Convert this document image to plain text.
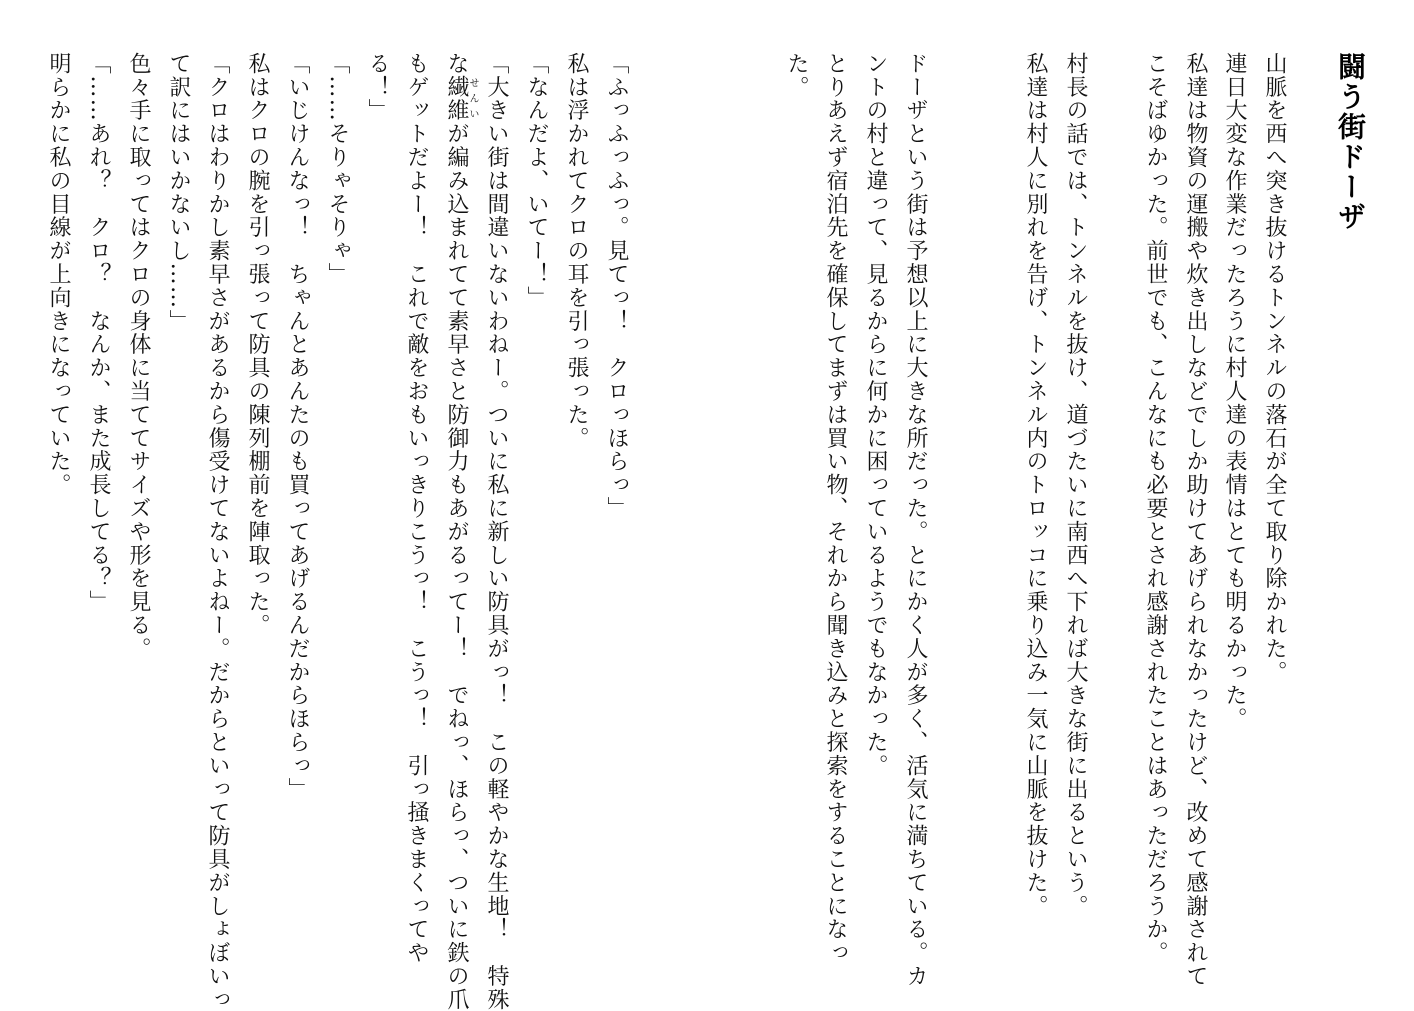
闘う街ドーザ
山脈を西へ突き抜けるトンネルの落石が全て取り除かれた。
連日大変な作業だったろうに村人達の表情はとても明るかった。
私達は物資の運搬や炊き出しなどでしか助けてあげられなかったけど、改めて感謝されて
こそばゆかった。前世でも、こんなにも必要とされ感謝されたことはあっただろうか。
村長の話では、トンネルを抜け、道づたいに南西へ下れば大きな街に出るという。
私達は村人に別れを告げ、トンネル内のトロッコに乗り込み一気に山脈を抜けた。
ドーザという街は予想以上に大きな所だった。とにかく人が多く、活気に満ちている。カ
ントの村と違って、見るからに何かに困っているようでもなかった。
とりあえず宿泊先を確保してまずは買い物、それから聞き込みと探索をすることになっ
た。
「ふっふっふっ。見てっ！　クロっほらっ」
私は浮かれてクロの耳を引っ張った。
「なんだよ、いてー！」
「大きい街は間違いないわねー。ついに私に新しい防具がっ！　この軽やかな生地！　特殊
な繊維せんいが編み込まれてて素早さと防御力もあがるってー！　でねっ、ほらっ、ついに鉄の爪
もゲットだよー！　これで敵をおもいっきりこうっ！　こうっ！　引っ掻きまくってや
る！」
「……そりゃそりゃ」
「いじけんなっ！　ちゃんとあんたのも買ってあげるんだからほらっ」
私はクロの腕を引っ張って防具の陳列棚前を陣取った。
「クロはわりかし素早さがあるから傷受けてないよねー。だからといって防具がしょぼいっ
て訳にはいかないし……」
色々手に取ってはクロの身体に当ててサイズや形を見る。
「……あれ？　クロ？　なんか、また成長してる？」
明らかに私の目線が上向きになっていた。
